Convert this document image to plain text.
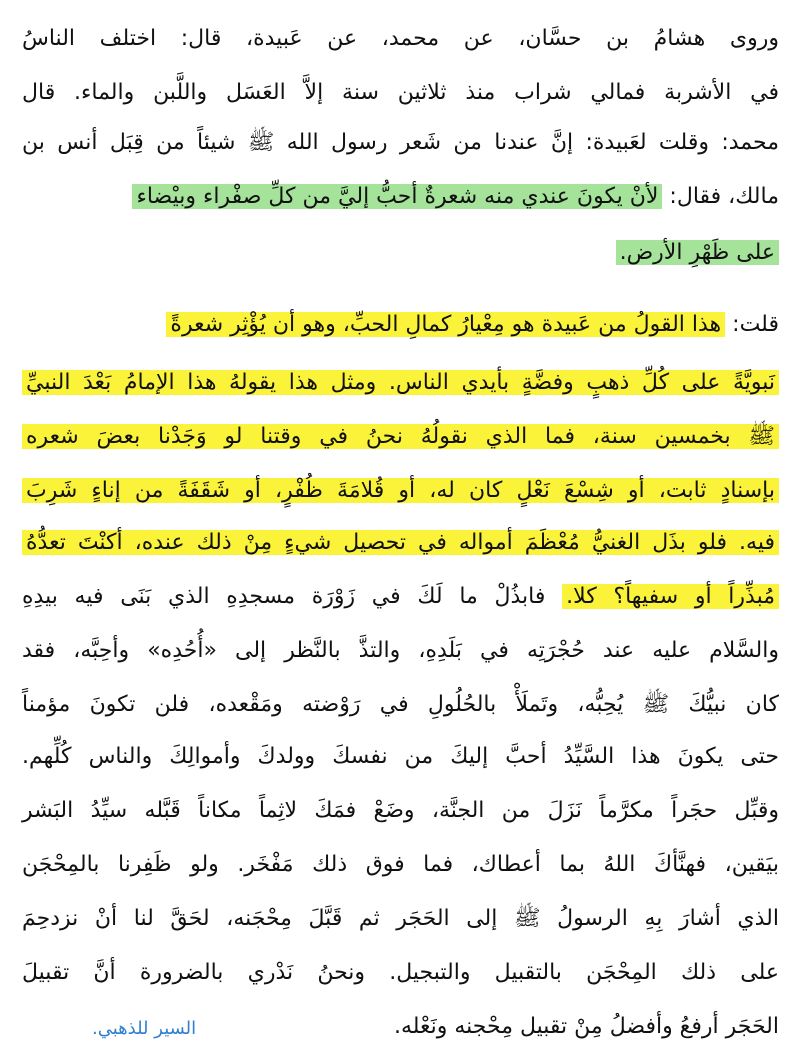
وروى هشامُ بن حسَّان، عن محمد، عن عَبيدة، قال: اختلف الناسُ
في الأشربة فمالي شراب منذ ثلاثين سنة إلاَّ العَسَل واللَّبن والماء. قال
محمد: وقلت لعَبيدة: إنَّ عندنا من شَعر رسول الله ﷺ شيئاً من قِبَل أنس بن
مالك، فقال: لأنْ يكونَ عندي منه شعرةٌ أحبُّ إليَّ من كلِّ صفْراء وبيْضاء
على ظَهْرِ الأرض.
قلت: هذا القولُ من عَبيدة هو مِعْيارُ كمالِ الحبِّ، وهو أن يُؤْثِر شعرةً
نَبويَّةً على كُلِّ ذهبٍ وفضَّةٍ بأيدي الناس. ومثل هذا يقولهُ هذا الإمامُ بَعْدَ النبيِّ
ﷺ بخمسين سنة، فما الذي نقولُهُ نحنُ في وقتنا لو وَجَدْنا بعضَ شعره
بإسنادٍ ثابت، أو شِسْعَ نَعْلٍ كان له، أو قُلامَةَ ظُفْرٍ، أو شَقَفَةً من إناءٍ شَرِبَ
فيه. فلو بذَل الغنيُّ مُعْظَمَ أمواله في تحصيل شيءٍ مِنْ ذلك عنده، أكنْتَ تعدُّهُ
مُبذِّراً أو سفيهاً؟ كلا. فابذُلْ ما لَكَ في زَوْرَة مسجدِهِ الذي بَنَى فيه بيدِهِ
والسَّلام عليه عند حُجْرَتِه في بَلَدِهِ، والتذَّ بالنَّظر إلى «أُحُدِه» وأحِبَّه، فقد
كان نبيُّكَ ﷺ يُحِبُّه، وتَملَأْ بالحُلُولِ في رَوْضته ومَقْعده، فلن تكونَ مؤمناً
حتى يكونَ هذا السَّيِّدُ أحبَّ إليكَ من نفسكَ وولدكَ وأموالِكَ والناس كُلِّهم.
وقبِّل حجَراً مكرَّماً نَزَلَ من الجنَّة، وضَعْ فمَكَ لاثِماً مكاناً قَبَّله سيِّدُ البَشر
بيَقين، فهنَّأكَ اللهُ بما أعطاك، فما فوق ذلك مَفْخَر. ولو ظَفِرنا بالمِحْجَن
الذي أشارَ بِهِ الرسولُ ﷺ إلى الحَجَر ثم قَبَّلَ مِحْجَنه، لحَقَّ لنا أنْ نزدحِمَ
على ذلك المِحْجَن بالتقبيل والتبجيل. ونحنُ نَدْري بالضرورة أنَّ تقبيلَ
الحَجَر أرفعُ وأفضلُ مِنْ تقبيل مِحْجنه ونَعْله.
السير للذهبي.
